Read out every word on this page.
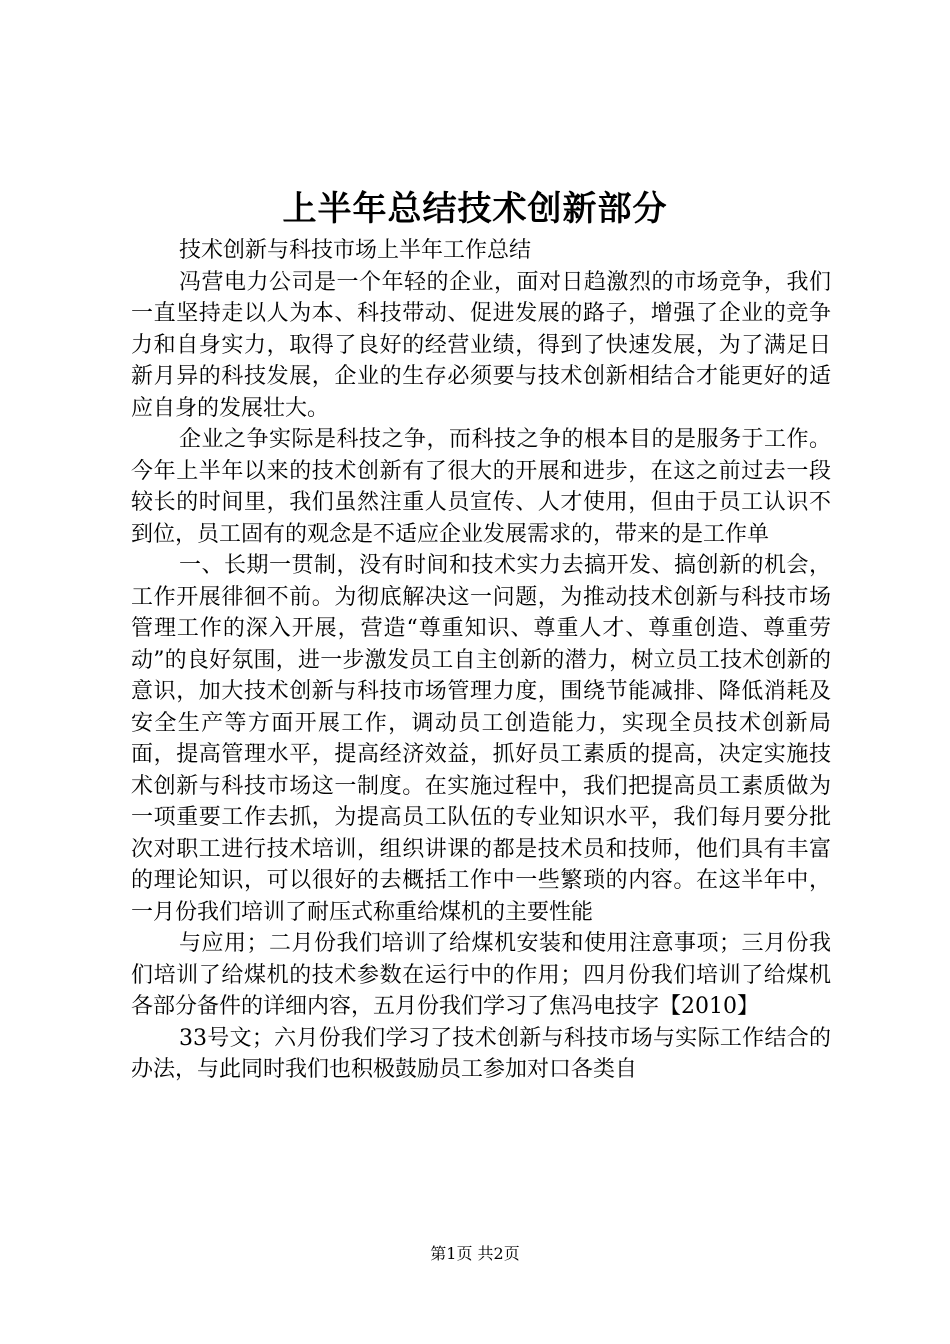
上半年总结技术创新部分

技术创新与科技市场上半年工作总结

冯营电力公司是一个年轻的企业，面对日趋激烈的市场竞争，我们一直坚持走以人为本、科技带动、促进发展的路子，增强了企业的竞争力和自身实力，取得了良好的经营业绩，得到了快速发展，为了满足日新月异的科技发展，企业的生存必须要与技术创新相结合才能更好的适应自身的发展壮大。

企业之争实际是科技之争，而科技之争的根本目的是服务于工作。今年上半年以来的技术创新有了很大的开展和进步，在这之前过去一段较长的时间里，我们虽然注重人员宣传、人才使用，但由于员工认识不到位，员工固有的观念是不适应企业发展需求的，带来的是工作单

一、长期一贯制，没有时间和技术实力去搞开发、搞创新的机会，工作开展徘徊不前。为彻底解决这一问题，为推动技术创新与科技市场管理工作的深入开展，营造“尊重知识、尊重人才、尊重创造、尊重劳动”的良好氛围，进一步激发员工自主创新的潜力，树立员工技术创新的意识，加大技术创新与科技市场管理力度，围绕节能减排、降低消耗及安全生产等方面开展工作，调动员工创造能力，实现全员技术创新局面，提高管理水平，提高经济效益，抓好员工素质的提高，决定实施技术创新与科技市场这一制度。在实施过程中，我们把提高员工素质做为一项重要工作去抓，为提高员工队伍的专业知识水平，我们每月要分批次对职工进行技术培训，组织讲课的都是技术员和技师，他们具有丰富的理论知识，可以很好的去概括工作中一些繁琐的内容。在这半年中，一月份我们培训了耐压式称重给煤机的主要性能

与应用；二月份我们培训了给煤机安装和使用注意事项；三月份我们培训了给煤机的技术参数在运行中的作用；四月份我们培训了给煤机各部分备件的详细内容，五月份我们学习了焦冯电技字【2010】

33号文；六月份我们学习了技术创新与科技市场与实际工作结合的办法，与此同时我们也积极鼓励员工参加对口各类自

第1页 共2页
